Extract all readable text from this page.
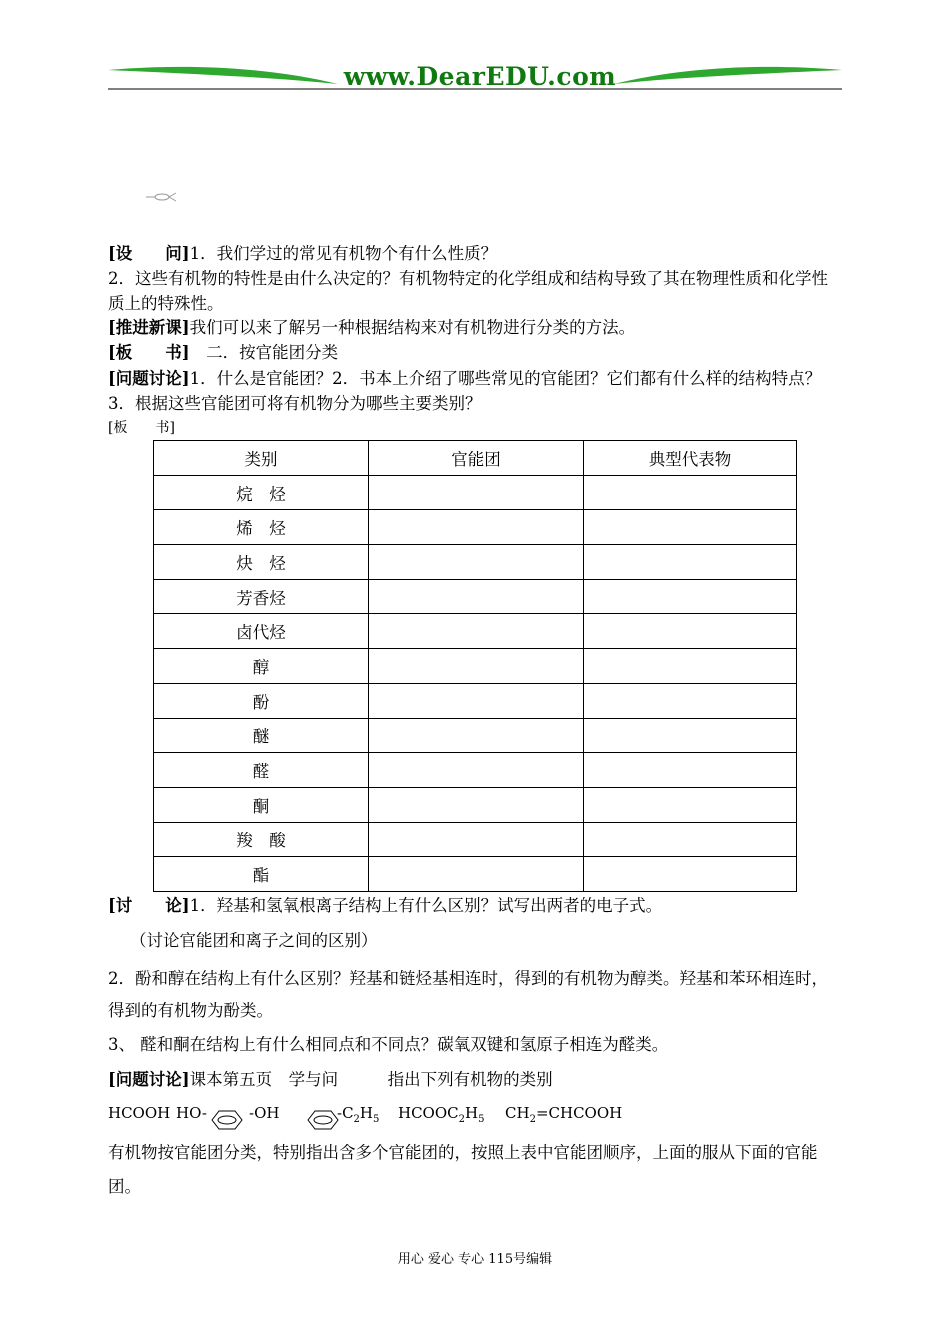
www.DearEDU.com
[设　　问]1．我们学过的常见有机物个有什么性质？
2．这些有机物的特性是由什么决定的？有机物特定的化学组成和结构导致了其在物理性质和化学性质上的特殊性。
[推进新课]我们可以来了解另一种根据结构来对有机物进行分类的方法。
[板　　书]　二．按官能团分类
[问题讨论]1．什么是官能团？2．书本上介绍了哪些常见的官能团？它们都有什么样的结构特点？3．根据这些官能团可将有机物分为哪些主要类别？
[板　　书]
类别	官能团	典型代表物
烷　烃		
烯　烃		
炔　烃		
芳香烃		
卤代烃		
醇		
酚		
醚		
醛		
酮		
羧　酸		
酯		
[讨　　论]1．羟基和氢氧根离子结构上有什么区别？试写出两者的电子式。
（讨论官能团和离子之间的区别）
2．酚和醇在结构上有什么区别？羟基和链烃基相连时，得到的有机物为醇类。羟基和苯环相连时，得到的有机物为酚类。
3、 醛和酮在结构上有什么相同点和不同点？碳氧双键和氢原子相连为醛类。
[问题讨论]课本第五页　学与问　　　指出下列有机物的类别
HCOOH HO-	-OH	$-C_2H_5$ $HCOOC_2H_5$ $CH_2=CHCOOH$
有机物按官能团分类，特别指出含多个官能团的，按照上表中官能团顺序，上面的服从下面的官能团。
用心 爱心 专心 115号编辑
